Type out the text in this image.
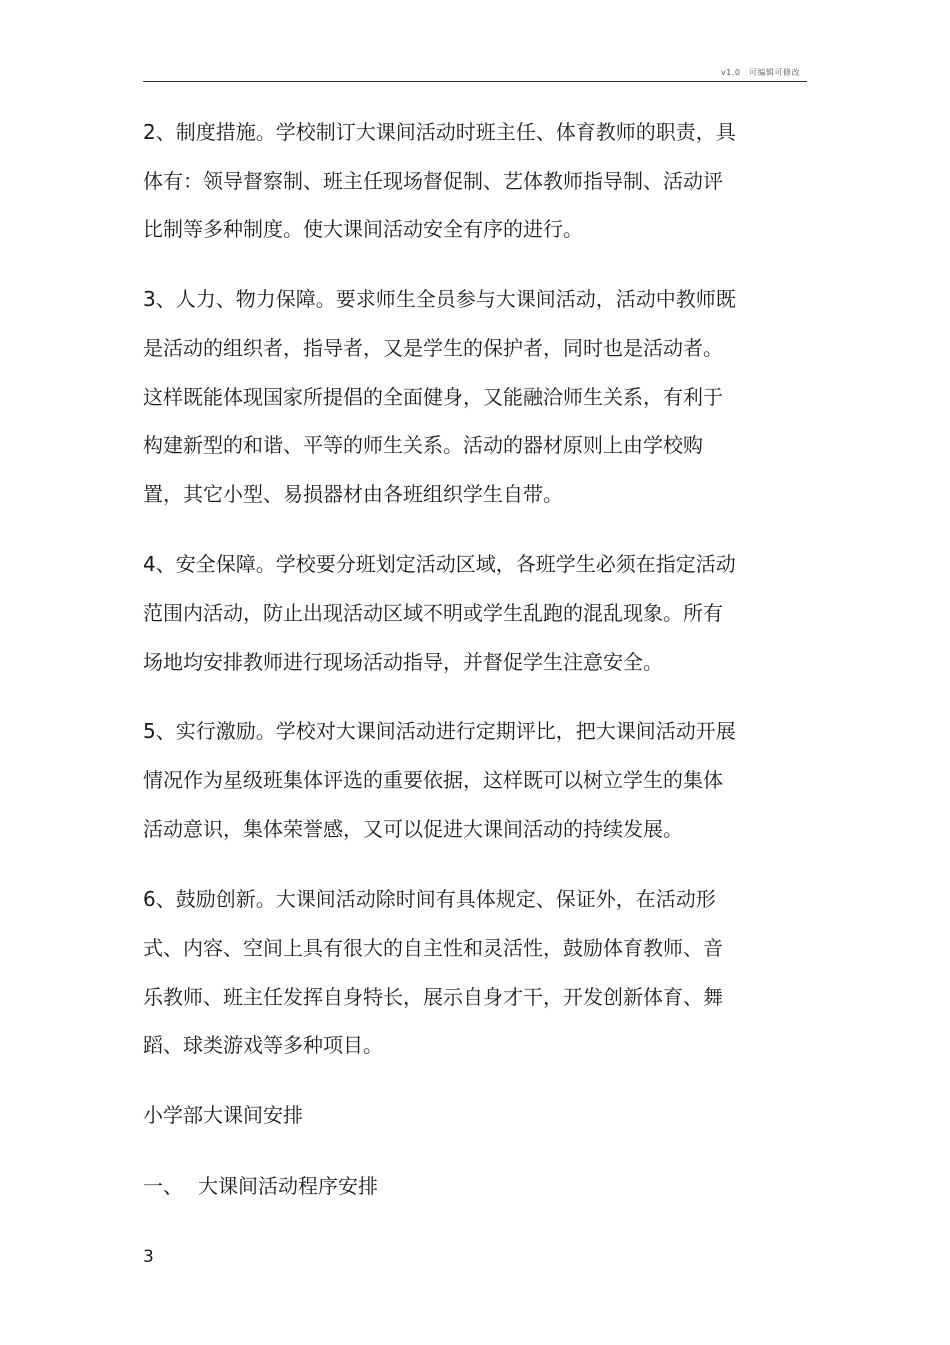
v1.0　可编辑可修改
2、制度措施。学校制订大课间活动时班主任、体育教师的职责，具
体有：领导督察制、班主任现场督促制、艺体教师指导制、活动评
比制等多种制度。使大课间活动安全有序的进行。
3、人力、物力保障。要求师生全员参与大课间活动，活动中教师既
是活动的组织者，指导者，又是学生的保护者，同时也是活动者。
这样既能体现国家所提倡的全面健身，又能融洽师生关系，有利于
构建新型的和谐、平等的师生关系。活动的器材原则上由学校购
置，其它小型、易损器材由各班组织学生自带。
4、安全保障。学校要分班划定活动区域，各班学生必须在指定活动
范围内活动，防止出现活动区域不明或学生乱跑的混乱现象。所有
场地均安排教师进行现场活动指导，并督促学生注意安全。
5、实行激励。学校对大课间活动进行定期评比，把大课间活动开展
情况作为星级班集体评选的重要依据，这样既可以树立学生的集体
活动意识，集体荣誉感，又可以促进大课间活动的持续发展。
6、鼓励创新。大课间活动除时间有具体规定、保证外，在活动形
式、内容、空间上具有很大的自主性和灵活性，鼓励体育教师、音
乐教师、班主任发挥自身特长，展示自身才干，开发创新体育、舞
蹈、球类游戏等多种项目。
小学部大课间安排
一、 大课间活动程序安排
3
